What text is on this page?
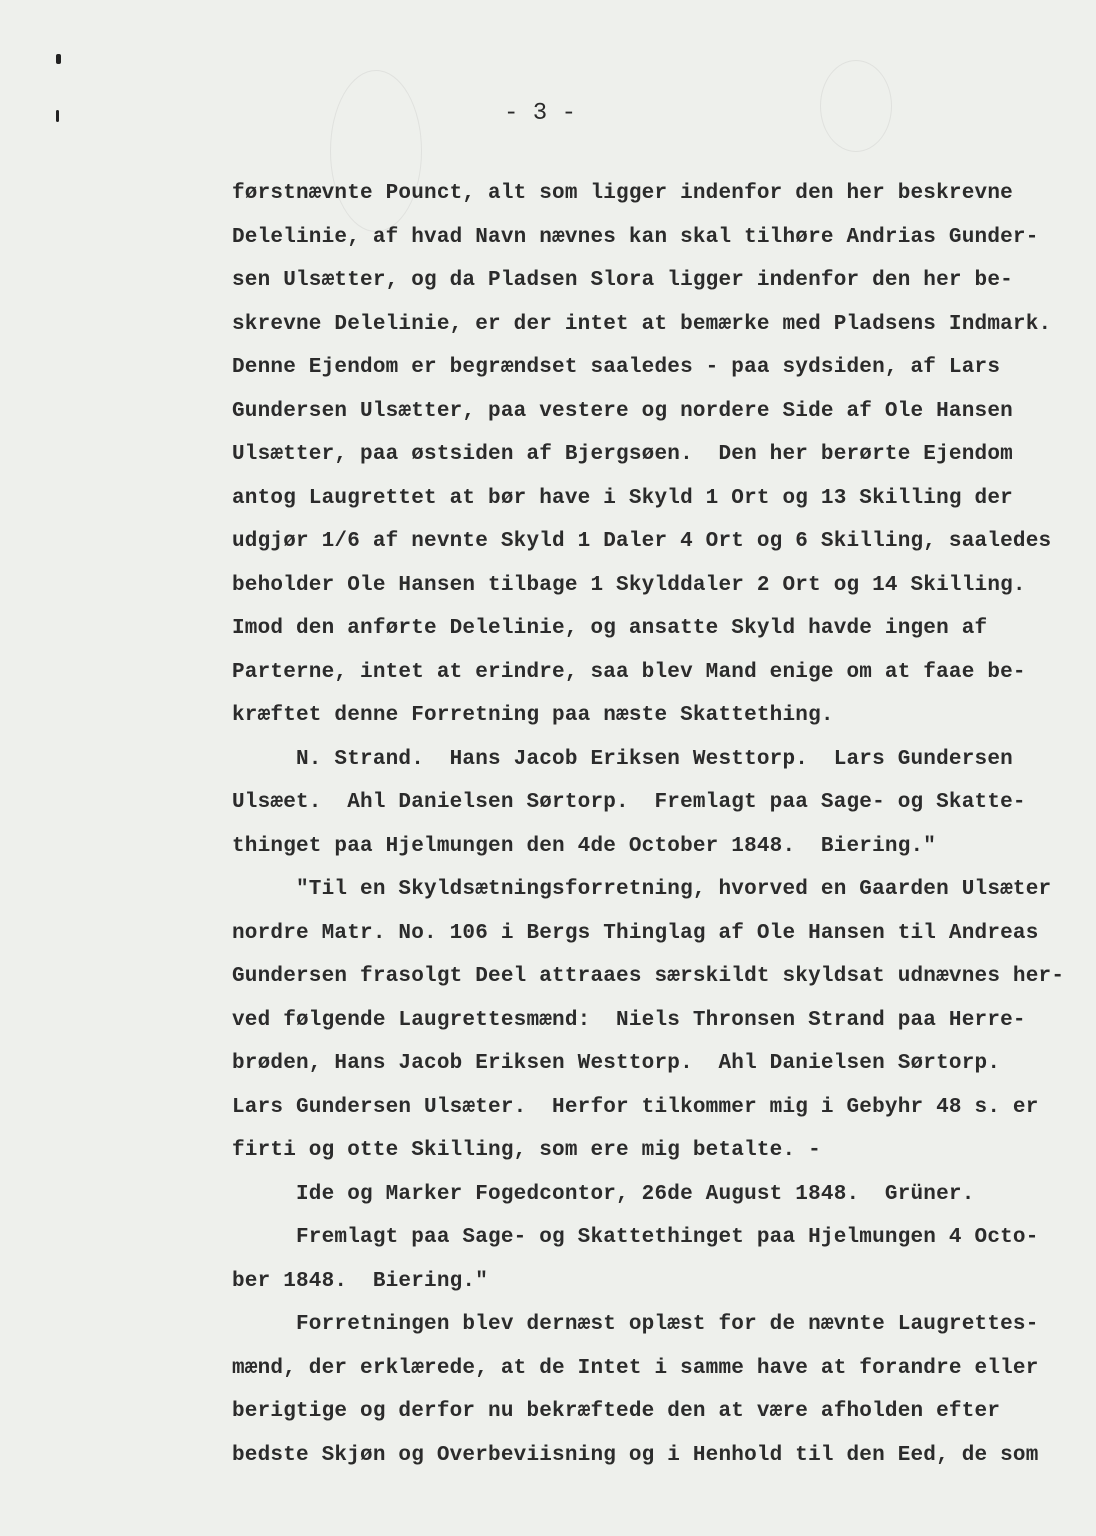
- 3 -
førstnævnte Pounct, alt som ligger indenfor den her beskrevne
Delelinie, af hvad Navn nævnes kan skal tilhøre Andrias Gunder-
sen Ulsætter, og da Pladsen Slora ligger indenfor den her be-
skrevne Delelinie, er der intet at bemærke med Pladsens Indmark.
Denne Ejendom er begrændset saaledes - paa sydsiden, af Lars
Gundersen Ulsætter, paa vestere og nordere Side af Ole Hansen
Ulsætter, paa østsiden af Bjergsøen.  Den her berørte Ejendom
antog Laugrettet at bør have i Skyld 1 Ort og 13 Skilling der
udgjør 1/6 af nevnte Skyld 1 Daler 4 Ort og 6 Skilling, saaledes
beholder Ole Hansen tilbage 1 Skylddaler 2 Ort og 14 Skilling.
Imod den anførte Delelinie, og ansatte Skyld havde ingen af
Parterne, intet at erindre, saa blev Mand enige om at faae be-
kræftet denne Forretning paa næste Skattething.
N. Strand.  Hans Jacob Eriksen Westtorp.  Lars Gundersen
Ulsæet.  Ahl Danielsen Sørtorp.  Fremlagt paa Sage- og Skatte-
thinget paa Hjelmungen den 4de October 1848.  Biering."
"Til en Skyldsætningsforretning, hvorved en Gaarden Ulsæter
nordre Matr. No. 106 i Bergs Thinglag af Ole Hansen til Andreas
Gundersen frasolgt Deel attraaes særskildt skyldsat udnævnes her-
ved følgende Laugrettesmænd:  Niels Thronsen Strand paa Herre-
brøden, Hans Jacob Eriksen Westtorp.  Ahl Danielsen Sørtorp.
Lars Gundersen Ulsæter.  Herfor tilkommer mig i Gebyhr 48 s. er
firti og otte Skilling, som ere mig betalte. -
Ide og Marker Fogedcontor, 26de August 1848.  Grüner.
Fremlagt paa Sage- og Skattethinget paa Hjelmungen 4 Octo-
ber 1848.  Biering."
Forretningen blev dernæst oplæst for de nævnte Laugrettes-
mænd, der erklærede, at de Intet i samme have at forandre eller
berigtige og derfor nu bekræftede den at være afholden efter
bedste Skjøn og Overbeviisning og i Henhold til den Eed, de som
